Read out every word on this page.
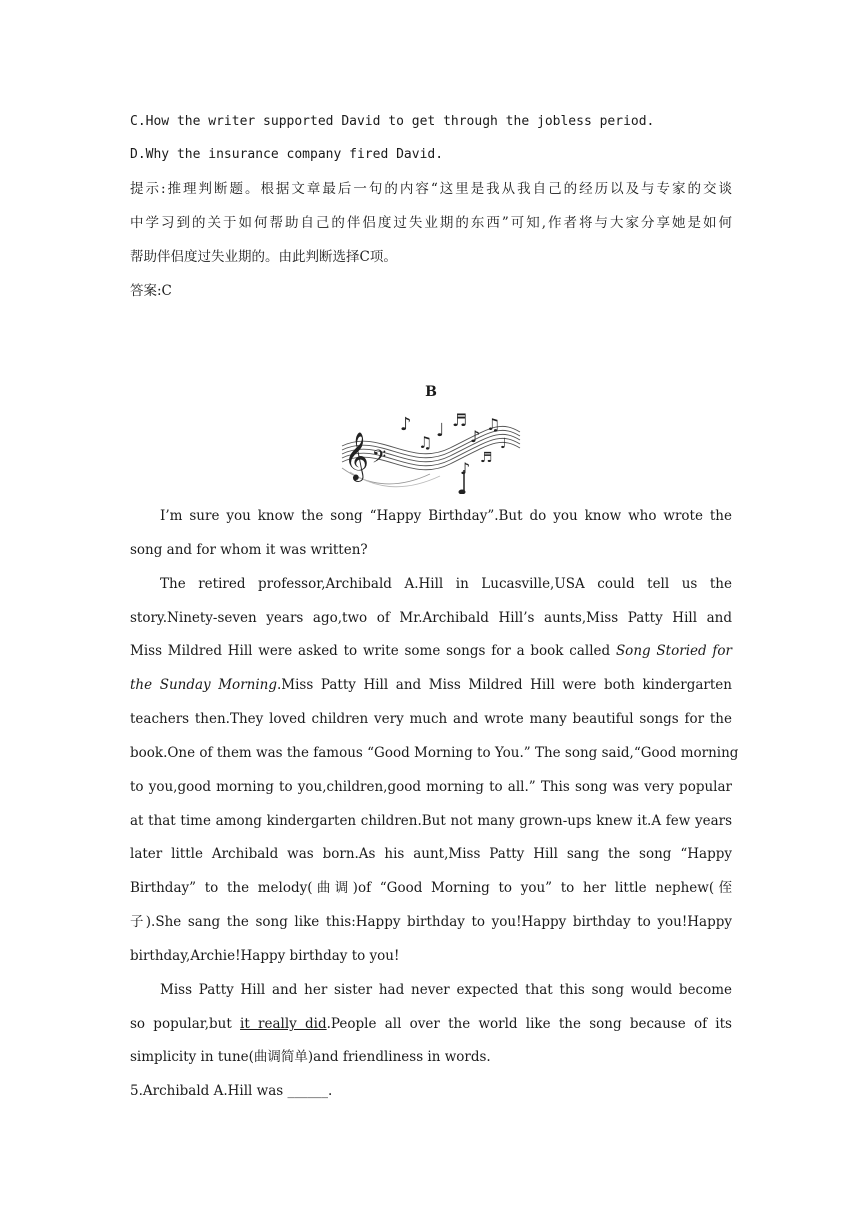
C.How the writer supported David to get through the jobless period.
D.Why the insurance company fired David.
提示:推理判断题。根据文章最后一句的内容“这里是我从我自己的经历以及与专家的交谈
中学习到的关于如何帮助自己的伴侣度过失业期的东西”可知,作者将与大家分享她是如何
帮助伴侣度过失业期的。由此判断选择C项。
答案:C
B
𝄞 𝄢
♪
♫
♩ ♬
♪
♫
♩
♪
♬
I’m sure you know the song “Happy Birthday”.But do you know who wrote the
song and for whom it was written?
The retired professor,Archibald A.Hill in Lucasville,USA could tell us the
story.Ninety-seven years ago,two of Mr.Archibald Hill’s aunts,Miss Patty Hill and
Miss Mildred Hill were asked to write some songs for a book called Song Storied for
the Sunday Morning.Miss Patty Hill and Miss Mildred Hill were both kindergarten
teachers then.They loved children very much and wrote many beautiful songs for the
book.One of them was the famous “Good Morning to You.” The song said,“Good morning
to you,good morning to you,children,good morning to all.” This song was very popular
at that time among kindergarten children.But not many grown-ups knew it.A few years
later little Archibald was born.As his aunt,Miss Patty Hill sang the song “Happy
Birthday” to the melody(曲调)of “Good Morning to you” to her little nephew(侄
子).She sang the song like this:Happy birthday to you!Happy birthday to you!Happy
birthday,Archie!Happy birthday to you!
Miss Patty Hill and her sister had never expected that this song would become
so popular,but it really did.People all over the world like the song because of its
simplicity in tune(曲调简单)and friendliness in words.
5.Archibald A.Hill was ______.
